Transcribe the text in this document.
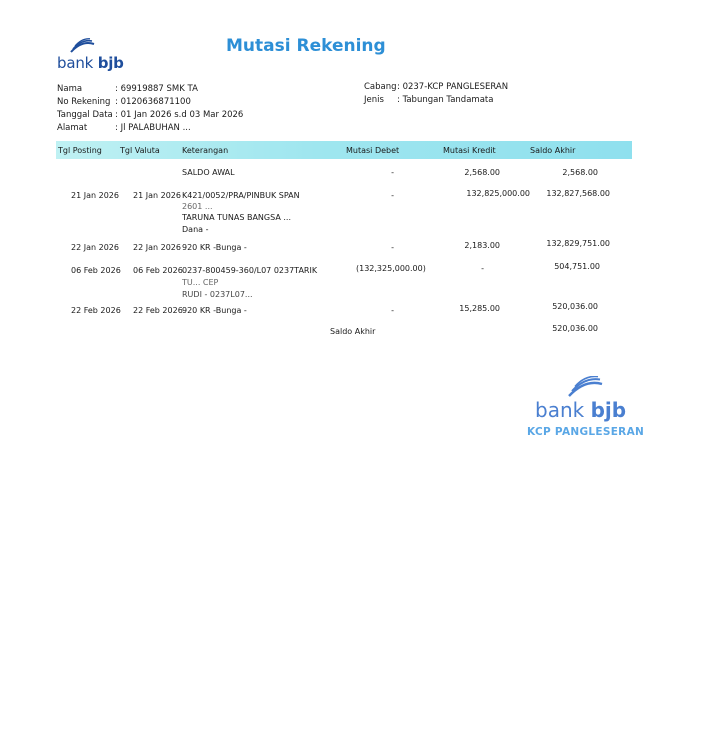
bank bjb
Mutasi Rekening
Nama	: 69919887 SMK TA
No Rekening : 0120636871100
Tanggal Data : 01 Jan 2026 s.d 03 Mar 2026
Alamat	: Jl PALABUHAN ...
Cabang: 0237-KCP PANGLESERAN
Jenis : Tabungan Tandamata
Tgl Posting Tgl Valuta	Keterangan	Mutasi Debet	Mutasi Kredit	Saldo Akhir
SALDO AWAL	-	2,568.00	2,568.00
21 Jan 2026 21 Jan 2026 K421/0052/PRA/PINBUK SPAN
2601 ...
TARUNA TUNAS BANGSA ...
Dana -
-	132,825,000.00	132,827,568.00
22 Jan 2026 22 Jan 2026 920 KR -Bunga -	-	2,183.00	132,829,751.00
06 Feb 2026 06 Feb 2026 0237-800459-360/L07 0237TARIK
TU... CEP
RUDI - 0237L07...
(132,325,000.00)	-	504,751.00
22 Feb 2026 22 Feb 2026 920 KR -Bunga -	-	15,285.00	520,036.00
Saldo Akhir	520,036.00
bank bjb
KCP PANGLESERAN
